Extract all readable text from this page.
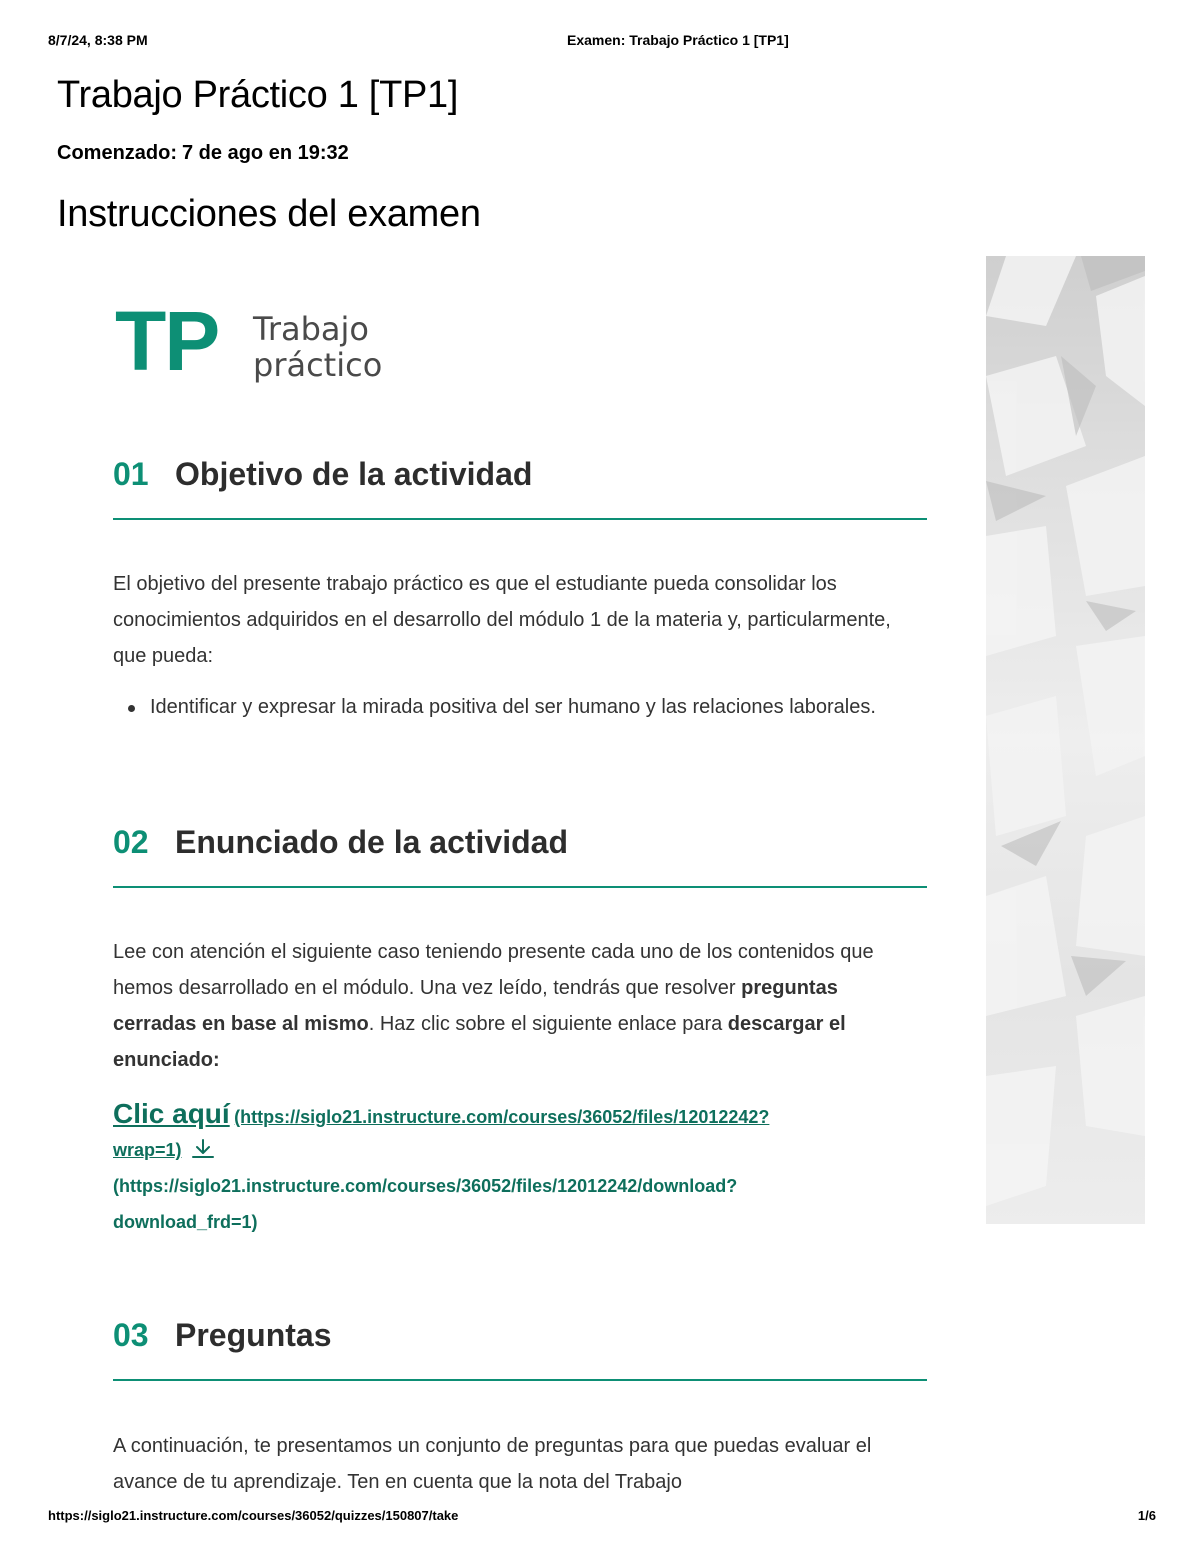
8/7/24, 8:38 PM	Examen: Trabajo Práctico 1 [TP1]
Trabajo Práctico 1 [TP1]
Comenzado: 7 de ago en 19:32
Instrucciones del examen
TP Trabajo
práctico
01 Objetivo de la actividad

El objetivo del presente trabajo práctico es que el estudiante pueda consolidar los conocimientos adquiridos en el desarrollo del módulo 1 de la materia y, particularmente, que pueda:

Identificar y expresar la mirada positiva del ser humano y las relaciones laborales.
02 Enunciado de la actividad

Lee con atención el siguiente caso teniendo presente cada uno de los contenidos que hemos desarrollado en el módulo. Una vez leído, tendrás que resolver preguntas cerradas en base al mismo. Haz clic sobre el siguiente enlace para descargar el enunciado:

Clic aquí (https://siglo21.instructure.com/courses/36052/files/12012242?
wrap=1)
(https://siglo21.instructure.com/courses/36052/files/12012242/download?
download_frd=1)
03 Preguntas

A continuación, te presentamos un conjunto de preguntas para que puedas evaluar el avance de tu aprendizaje. Ten en cuenta que la nota del Trabajo

https://siglo21.instructure.com/courses/36052/quizzes/150807/take	1/6
